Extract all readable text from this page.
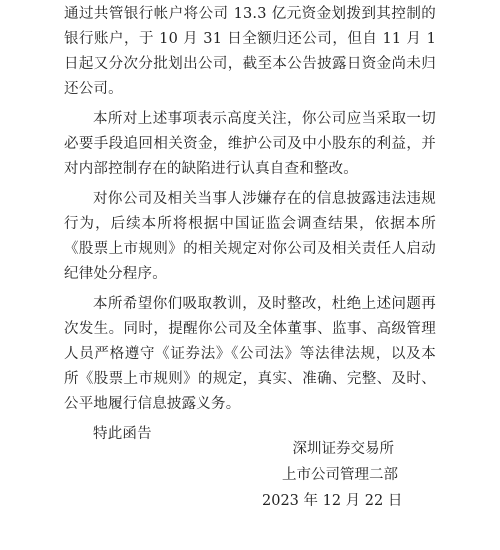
通过共管银行帐户将公司 13.3 亿元资金划拨到其控制的银行账户，于 10 月 31 日全额归还公司，但自 11 月 1 日起又分次分批划出公司，截至本公告披露日资金尚未归还公司。

本所对上述事项表示高度关注，你公司应当采取一切必要手段追回相关资金，维护公司及中小股东的利益，并对内部控制存在的缺陷进行认真自查和整改。

对你公司及相关当事人涉嫌存在的信息披露违法违规行为，后续本所将根据中国证监会调查结果，依据本所《股票上市规则》的相关规定对你公司及相关责任人启动纪律处分程序。

本所希望你们吸取教训，及时整改，杜绝上述问题再次发生。同时，提醒你公司及全体董事、监事、高级管理人员严格遵守《证券法》《公司法》等法律法规，以及本所《股票上市规则》的规定，真实、准确、完整、及时、公平地履行信息披露义务。

特此函告

深圳证券交易所
上市公司管理二部
2023 年 12 月 22 日
